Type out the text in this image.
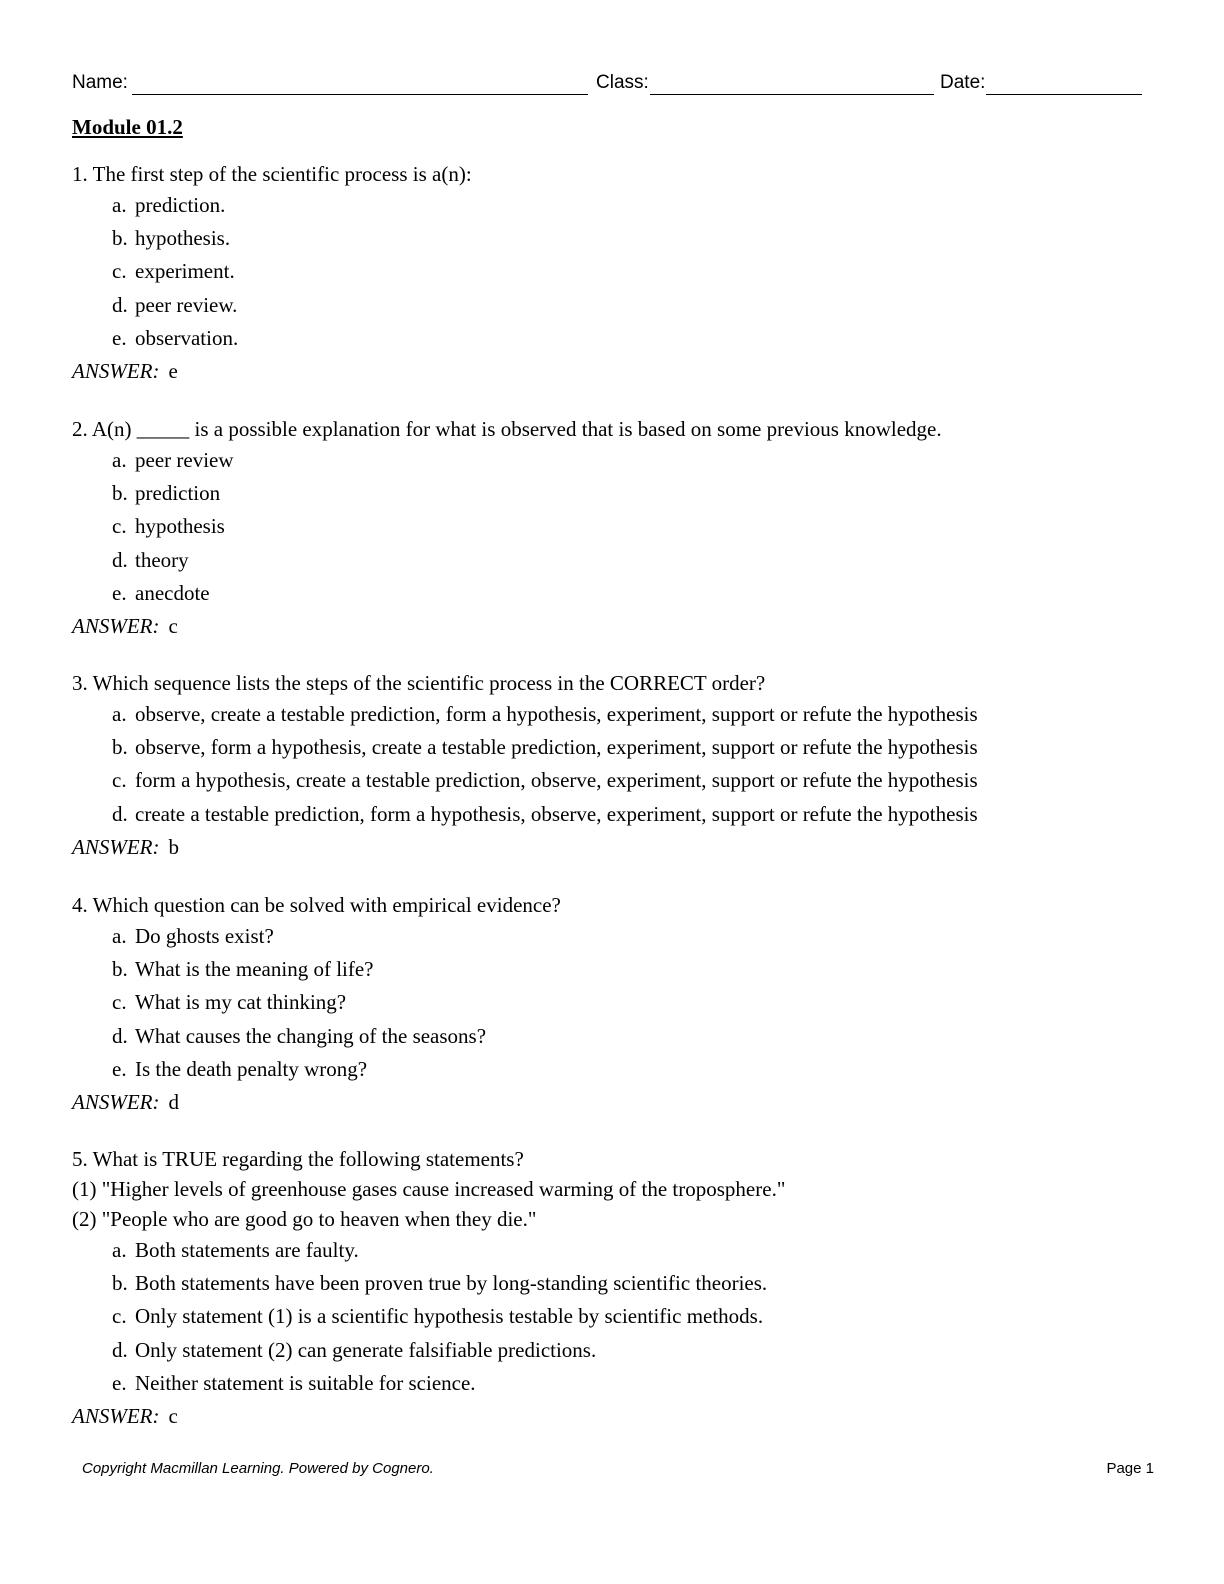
Name:	Class:	Date:
Module 01.2
1. The first step of the scientific process is a(n):
a. prediction.
b. hypothesis.
c. experiment.
d. peer review.
e. observation.
ANSWER: e
2. A(n) _____ is a possible explanation for what is observed that is based on some previous knowledge.
a. peer review
b. prediction
c. hypothesis
d. theory
e. anecdote
ANSWER: c
3. Which sequence lists the steps of the scientific process in the CORRECT order?
a. observe, create a testable prediction, form a hypothesis, experiment, support or refute the hypothesis
b. observe, form a hypothesis, create a testable prediction, experiment, support or refute the hypothesis
c. form a hypothesis, create a testable prediction, observe, experiment, support or refute the hypothesis
d. create a testable prediction, form a hypothesis, observe, experiment, support or refute the hypothesis
ANSWER: b
4. Which question can be solved with empirical evidence?
a. Do ghosts exist?
b. What is the meaning of life?
c. What is my cat thinking?
d. What causes the changing of the seasons?
e. Is the death penalty wrong?
ANSWER: d
5. What is TRUE regarding the following statements?
(1) "Higher levels of greenhouse gases cause increased warming of the troposphere."
(2) "People who are good go to heaven when they die."
a. Both statements are faulty.
b. Both statements have been proven true by long-standing scientific theories.
c. Only statement (1) is a scientific hypothesis testable by scientific methods.
d. Only statement (2) can generate falsifiable predictions.
e. Neither statement is suitable for science.
ANSWER: c
Copyright Macmillan Learning. Powered by Cognero.	Page 1
